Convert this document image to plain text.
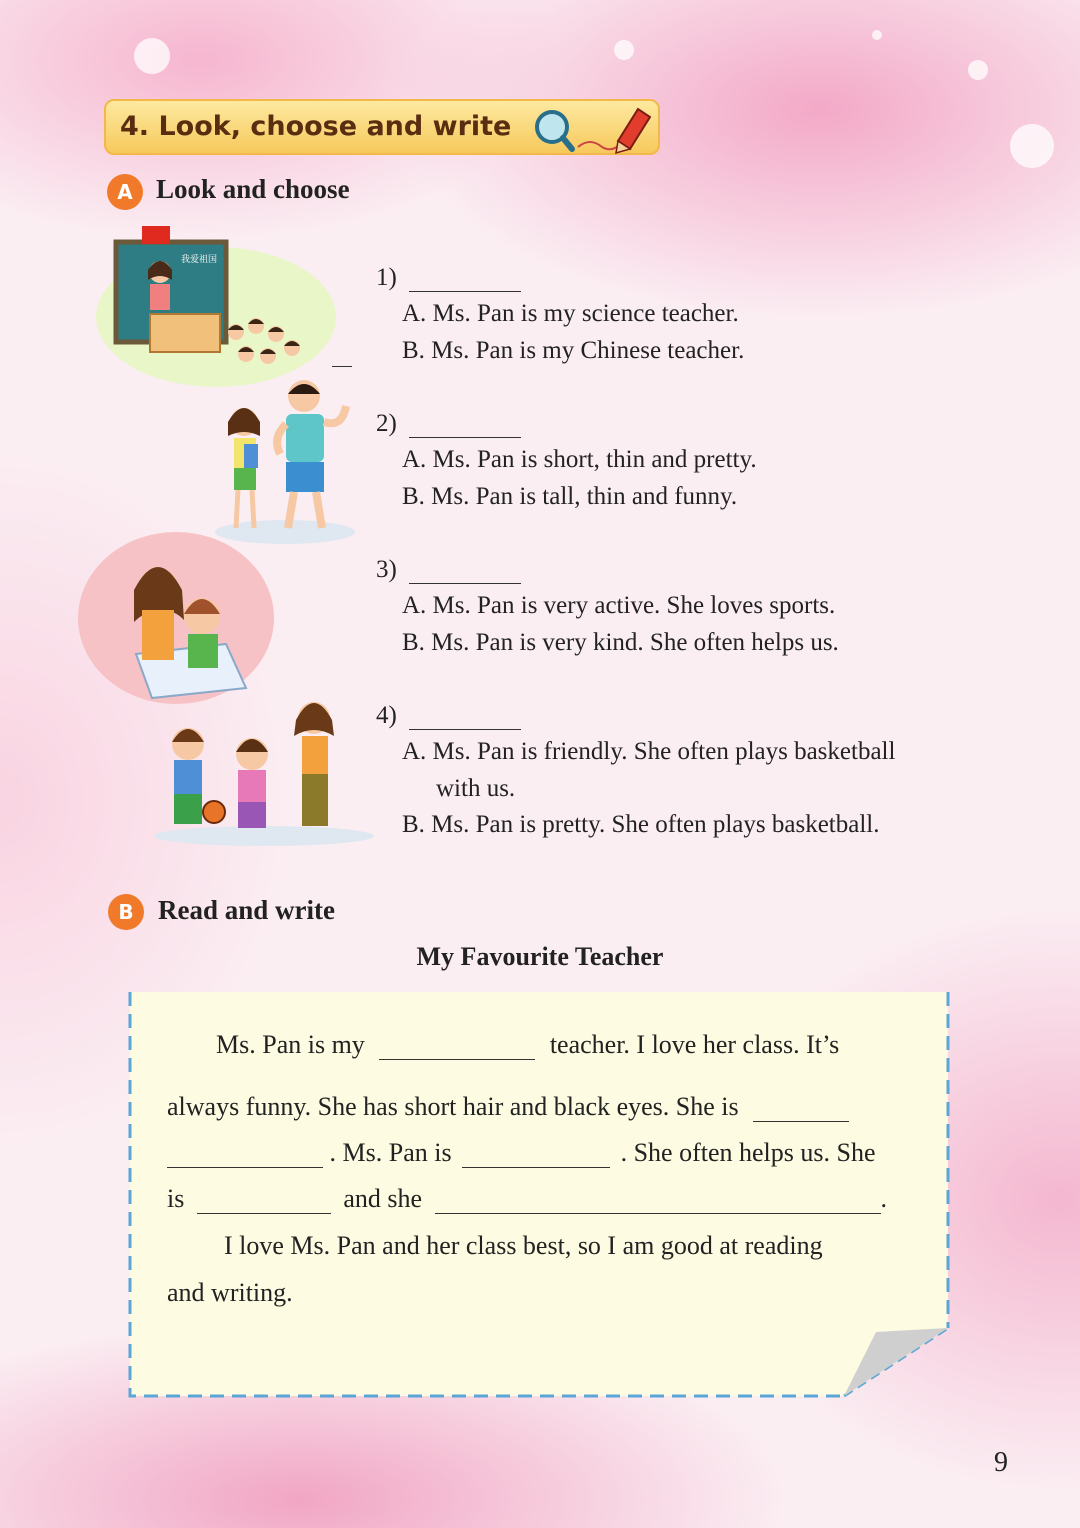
4. Look, choose and write
A Look and choose
我爱祖国
1)
A. Ms. Pan is my science teacher.
B. Ms. Pan is my Chinese teacher.
2)
A. Ms. Pan is short, thin and pretty.
B. Ms. Pan is tall, thin and funny.
3)
A. Ms. Pan is very active. She loves sports.
B. Ms. Pan is very kind. She often helps us.
4)
A. Ms. Pan is friendly. She often plays basketball
with us.
B. Ms. Pan is pretty. She often plays basketball.
B Read and write
My Favourite Teacher
Ms. Pan is my	teacher. I love her class. It’s
always funny. She has short hair and black eyes. She is
. Ms. Pan is	. She often helps us. She
is	and she	.
I love Ms. Pan and her class best, so I am good at reading
and writing.
9
